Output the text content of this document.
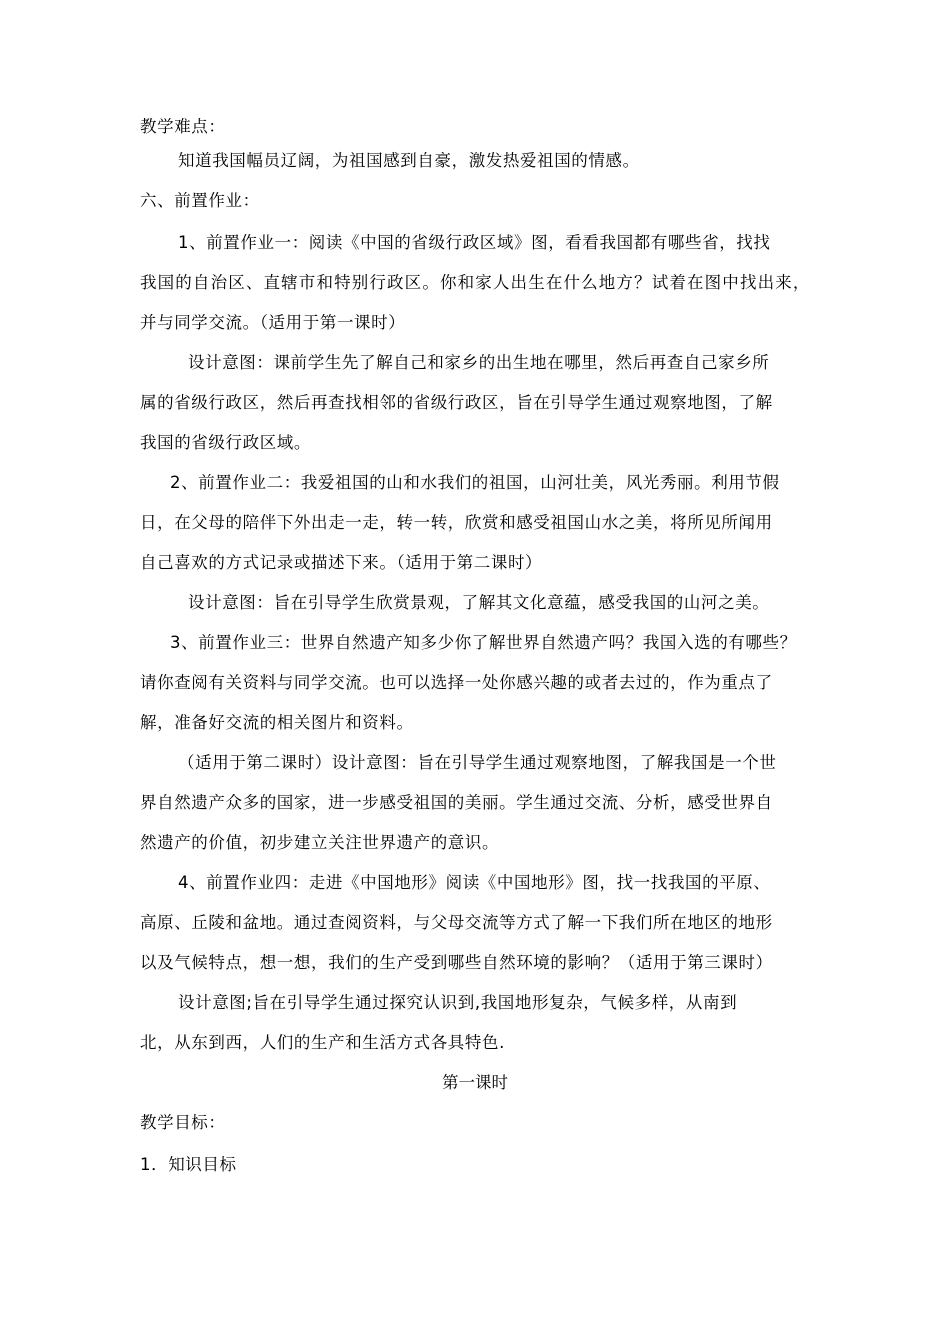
教学难点：
知道我国幅员辽阔，为祖国感到自豪，激发热爱祖国的情感。
六、前置作业：
1、前置作业一：阅读《中国的省级行政区域》图，看看我国都有哪些省，找找
我国的自治区、直辖市和特别行政区。你和家人出生在什么地方？试着在图中找出来，
并与同学交流。（适用于第一课时）
设计意图：课前学生先了解自己和家乡的出生地在哪里，然后再查自己家乡所
属的省级行政区，然后再查找相邻的省级行政区，旨在引导学生通过观察地图，了解
我国的省级行政区域。
2、前置作业二：我爱祖国的山和水我们的祖国，山河壮美，风光秀丽。利用节假
日，在父母的陪伴下外出走一走，转一转，欣赏和感受祖国山水之美，将所见所闻用
自己喜欢的方式记录或描述下来。（适用于第二课时）
设计意图：旨在引导学生欣赏景观，了解其文化意蕴，感受我国的山河之美。
3、前置作业三：世界自然遗产知多少你了解世界自然遗产吗？我国入选的有哪些？
请你查阅有关资料与同学交流。也可以选择一处你感兴趣的或者去过的，作为重点了
解，准备好交流的相关图片和资料。
（适用于第二课时）设计意图：旨在引导学生通过观察地图，了解我国是一个世
界自然遗产众多的国家，进一步感受祖国的美丽。学生通过交流、分析，感受世界自
然遗产的价值，初步建立关注世界遗产的意识。
4、前置作业四：走进《中国地形》阅读《中国地形》图，找一找我国的平原、
高原、丘陵和盆地。通过查阅资料，与父母交流等方式了解一下我们所在地区的地形
以及气候特点，想一想，我们的生产受到哪些自然环境的影响？（适用于第三课时）
设计意图;旨在引导学生通过探究认识到,我国地形复杂，气候多样，从南到
北，从东到西，人们的生产和生活方式各具特色.
第一课时
教学目标：
1．知识目标
